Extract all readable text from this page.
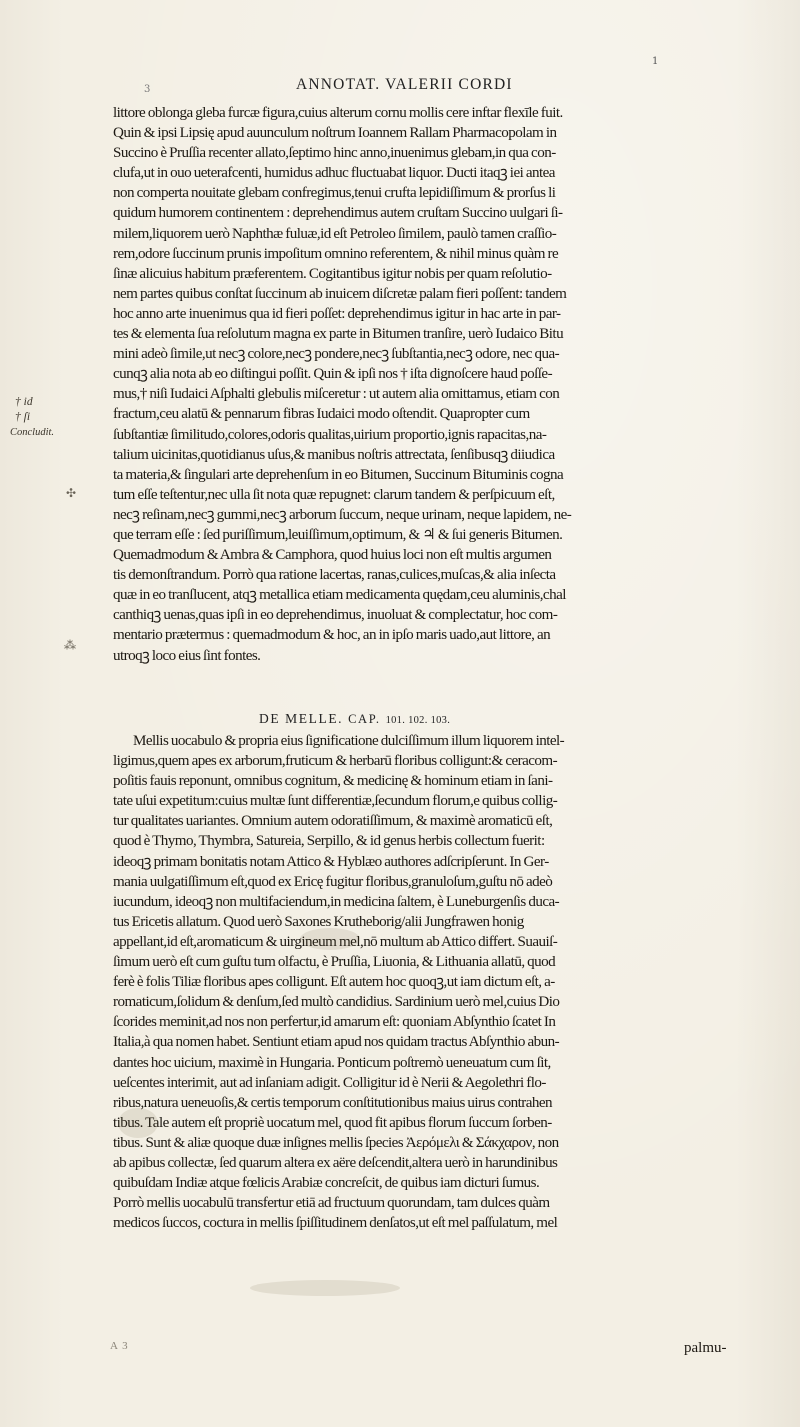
1
3	ANNOTAT. VALERII CORDI
littore oblonga gleba furcæ figura,cuius alterum cornu mollis cere inftar flexīle fuit.
Quin & ipsi Lipsię apud auunculum noſtrum Ioannem Rallam Pharmacopolam in
Succino è Pruſſia recenter allato,ſeptimo hinc anno,inuenimus glebam,in qua con-
clufa,ut in ouo ueterafcenti, humidus adhuc fluctuabat liquor. Ducti itaqꝫ iei antea
non comperta nouitate glebam confregimus,tenui crufta lepidiſſimum & prorſus li
quidum humorem continentem : deprehendimus autem cruſtam Succino uulgari ſi-
milem,liquorem uerò Naphthæ fuluæ,id eſt Petroleo ſimilem, paulò tamen craſſio-
rem,odore ſuccinum prunis impoſitum omnino referentem, & nihil minus quàm re
ſinæ alicuius habitum præferentem. Cogitantibus igitur nobis per quam reſolutio-
nem partes quibus conſtat ſuccinum ab inuicem diſcretæ palam fieri poſſent: tandem
hoc anno arte inuenimus qua id fieri poſſet: deprehendimus igitur in hac arte in par-
tes & elementa ſua reſolutum magna ex parte in Bitumen tranſire, uerò Iudaico Bitu
mini adeò ſimile,ut necꝫ colore,necꝫ pondere,necꝫ ſubſtantia,necꝫ odore, nec qua-
cunqꝫ alia nota ab eo diſtingui poſſit. Quin & ipſi nos † iſta dignoſcere haud poſſe-
mus,† niſi Iudaici Aſphalti glebulis miſceretur : ut autem alia omittamus, etiam con
fractum,ceu alatū & pennarum fibras Iudaici modo oſtendit. Quapropter cum
ſubſtantiæ ſimilitudo,colores,odoris qualitas,uirium proportio,ignis rapacitas,na-
talium uicinitas,quotidianus uſus,& manibus noſtris attrectata, ſenſibusqꝫ diiudica
ta materia,& ſingulari arte deprehenſum in eo Bitumen, Succinum Bituminis cogna
tum eſſe teſtentur,nec ulla ſit nota quæ repugnet: clarum tandem & perſpicuum eſt,
necꝫ reſinam,necꝫ gummi,necꝫ arborum ſuccum, neque urinam, neque lapidem, ne-
que terram eſſe : ſed puriſſimum,leuiſſimum,optimum, & ♃ & ſui generis Bitumen.
Quemadmodum & Ambra & Camphora, quod huius loci non eſt multis argumen
tis demonſtrandum. Porrò qua ratione lacertas, ranas,culices,muſcas,& alia inſecta
quæ in eo tranſlucent, atqꝫ metallica etiam medicamenta quędam,ceu aluminis,chal
canthiqꝫ uenas,quas ipſi in eo deprehendimus, inuoluat & complectatur, hoc com-
mentario prætermus : quemadmodum & hoc, an in ipſo maris uado,aut littore, an
utroqꝫ loco eius ſint fontes.
† id
† ſi
Concludit.
✣
⁂
DE MELLE. CAP. 101. 102. 103.
Mellis uocabulo & propria eius ſignificatione dulciſſimum illum liquorem intel-
ligimus,quem apes ex arborum,fruticum & herbarū floribus colligunt:& ceracom-
poſitis fauis reponunt, omnibus cognitum, & medicinę & hominum etiam in ſani-
tate uſui expetitum:cuius multæ ſunt differentiæ,ſecundum florum,e quibus collig-
tur qualitates uariantes. Omnium autem odoratiſſimum, & maximè aromaticū eſt,
quod è Thymo, Thymbra, Satureia, Serpillo, & id genus herbis collectum fuerit:
ideoqꝫ primam bonitatis notam Attico & Hyblæo authores adſcripſerunt. In Ger-
mania uulgatiſſimum eſt,quod ex Ericę fugitur floribus,granuloſum,guſtu nō adeò
iucundum, ideoqꝫ non multifaciendum,in medicina ſaltem, è Luneburgenſis duca-
tus Ericetis allatum. Quod uerò Saxones Krutheborig/alii Jungfrawen honig
appellant,id eſt,aromaticum & uirgineum mel,nō multum ab Attico differt. Suauiſ-
ſimum uerò eſt cum guſtu tum olfactu, è Pruſſia, Liuonia, & Lithuania allatū, quod
ferè è folis Tiliæ floribus apes colligunt. Eſt autem hoc quoqꝫ,ut iam dictum eſt, a-
romaticum,ſolidum & denſum,ſed multò candidius. Sardinium uerò mel,cuius Dio
ſcorides meminit,ad nos non perfertur,id amarum eſt: quoniam Abſynthio ſcatet In
Italia,à qua nomen habet. Sentiunt etiam apud nos quidam tractus Abſynthio abun-
dantes hoc uicium, maximè in Hungaria. Ponticum poſtremò ueneuatum cum ſit,
ueſcentes interimit, aut ad inſaniam adigit. Colligitur id è Nerii & Aegolethri flo-
ribus,natura ueneuoſis,& certis temporum conſtitutionibus maius uirus contrahen
tibus. Tale autem eſt propriè uocatum mel, quod fit apibus florum ſuccum ſorben-
tibus. Sunt & aliæ quoque duæ inſignes mellis ſpecies Ἀερόμελι & Σάκχαρον, non
ab apibus collectæ, ſed quarum altera ex aëre deſcendit,altera uerò in harundinibus
quibuſdam Indiæ atque fœlicis Arabiæ concreſcit, de quibus iam dicturi ſumus.
Porrò mellis uocabulū transfertur etiā ad fructuum quorundam, tam dulces quàm
medicos ſuccos, coctura in mellis ſpiſſitudinem denſatos,ut eſt mel paſſulatum, mel
A 3	palmu-
